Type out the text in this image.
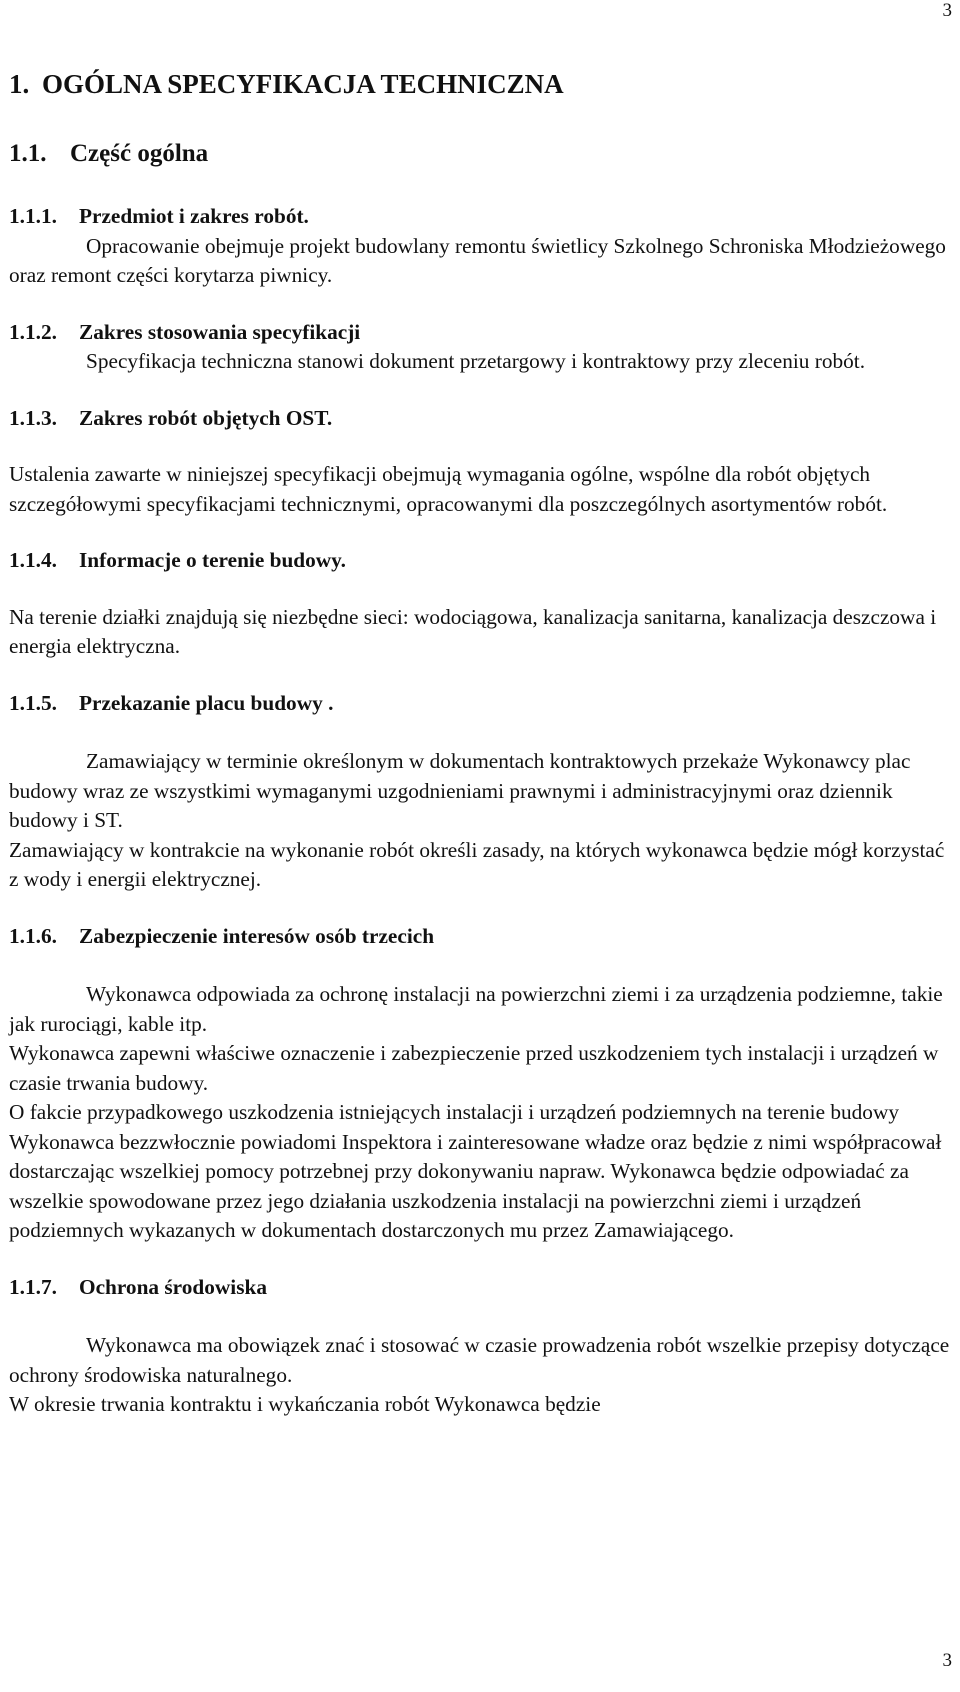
3
1. OGÓLNA SPECYFIKACJA TECHNICZNA
1.1. Część ogólna
1.1.1. Przedmiot i zakres robót.

Opracowanie obejmuje projekt budowlany remontu świetlicy Szkolnego Schroniska Młodzieżowego oraz remont części korytarza piwnicy.

1.1.2. Zakres stosowania specyfikacji

Specyfikacja techniczna stanowi dokument przetargowy i kontraktowy przy zleceniu robót.

1.1.3. Zakres robót objętych OST.

Ustalenia zawarte w niniejszej specyfikacji obejmują wymagania ogólne, wspólne dla robót objętych szczegółowymi specyfikacjami technicznymi, opracowanymi dla poszczególnych asortymentów robót.

1.1.4. Informacje o terenie budowy.

Na terenie działki znajdują się niezbędne sieci: wodociągowa, kanalizacja sanitarna, kanalizacja deszczowa i energia elektryczna.

1.1.5. Przekazanie placu budowy .

Zamawiający w terminie określonym w dokumentach kontraktowych przekaże Wykonawcy plac budowy wraz ze wszystkimi wymaganymi uzgodnieniami prawnymi i administracyjnymi oraz dziennik budowy i ST.

Zamawiający w kontrakcie na wykonanie robót określi zasady, na których wykonawca będzie mógł korzystać z wody i energii elektrycznej.

1.1.6. Zabezpieczenie interesów osób trzecich

Wykonawca odpowiada za ochronę instalacji na powierzchni ziemi i za urządzenia podziemne, takie jak rurociągi, kable itp.

Wykonawca zapewni właściwe oznaczenie i zabezpieczenie przed uszkodzeniem tych instalacji i urządzeń w czasie trwania budowy.

O fakcie przypadkowego uszkodzenia istniejących instalacji i urządzeń podziemnych na terenie budowy Wykonawca bezzwłocznie powiadomi Inspektora i zainteresowane władze oraz będzie z nimi współpracował dostarczając wszelkiej pomocy potrzebnej przy dokonywaniu napraw. Wykonawca będzie odpowiadać za wszelkie spowodowane przez jego działania uszkodzenia instalacji na powierzchni ziemi i urządzeń podziemnych wykazanych w dokumentach dostarczonych mu przez Zamawiającego.

1.1.7. Ochrona środowiska

Wykonawca ma obowiązek znać i stosować w czasie prowadzenia robót wszelkie przepisy dotyczące ochrony środowiska naturalnego.

W okresie trwania kontraktu i wykańczania robót Wykonawca będzie

3
